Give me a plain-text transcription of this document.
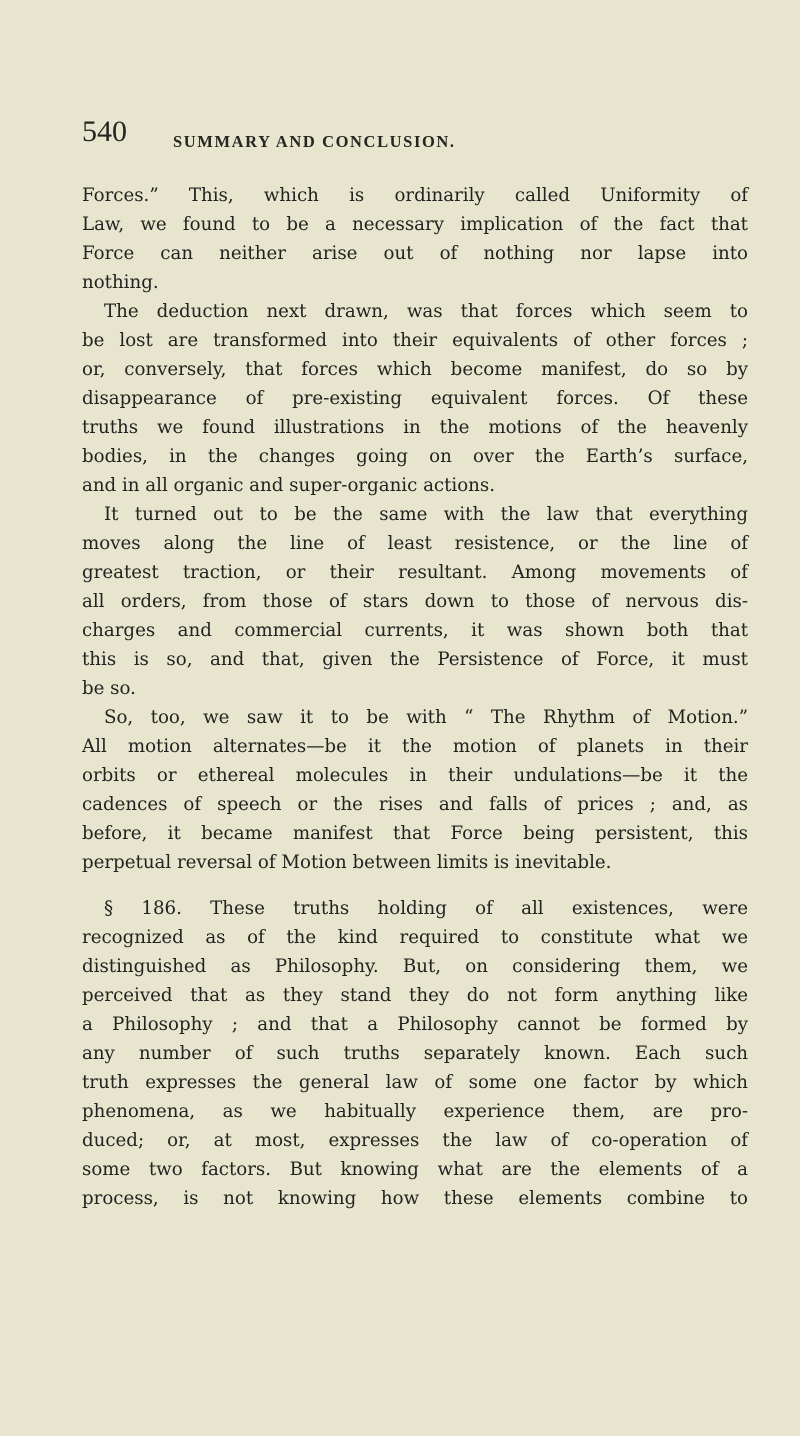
540	SUMMARY AND CONCLUSION.
Forces.” This, which is ordinarily called Uniformity of
Law, we found to be a necessary implication of the fact that
Force can neither arise out of nothing nor lapse into
nothing.
The deduction next drawn, was that forces which seem to
be lost are transformed into their equivalents of other forces ;
or, conversely, that forces which become manifest, do so by
disappearance of pre-existing equivalent forces. Of these
truths we found illustrations in the motions of the heavenly
bodies, in the changes going on over the Earth’s surface,
and in all organic and super-organic actions.
It turned out to be the same with the law that everything
moves along the line of least resistence, or the line of
greatest traction, or their resultant. Among movements of
all orders, from those of stars down to those of nervous dis-
charges and commercial currents, it was shown both that
this is so, and that, given the Persistence of Force, it must
be so.
So, too, we saw it to be with “ The Rhythm of Motion.”
All motion alternates—be it the motion of planets in their
orbits or ethereal molecules in their undulations—be it the
cadences of speech or the rises and falls of prices ; and, as
before, it became manifest that Force being persistent, this
perpetual reversal of Motion between limits is inevitable.
§ 186. These truths holding of all existences, were
recognized as of the kind required to constitute what we
distinguished as Philosophy. But, on considering them, we
perceived that as they stand they do not form anything like
a Philosophy ; and that a Philosophy cannot be formed by
any number of such truths separately known. Each such
truth expresses the general law of some one factor by which
phenomena, as we habitually experience them, are pro-
duced; or, at most, expresses the law of co-operation of
some two factors. But knowing what are the elements of a
process, is not knowing how these elements combine to
